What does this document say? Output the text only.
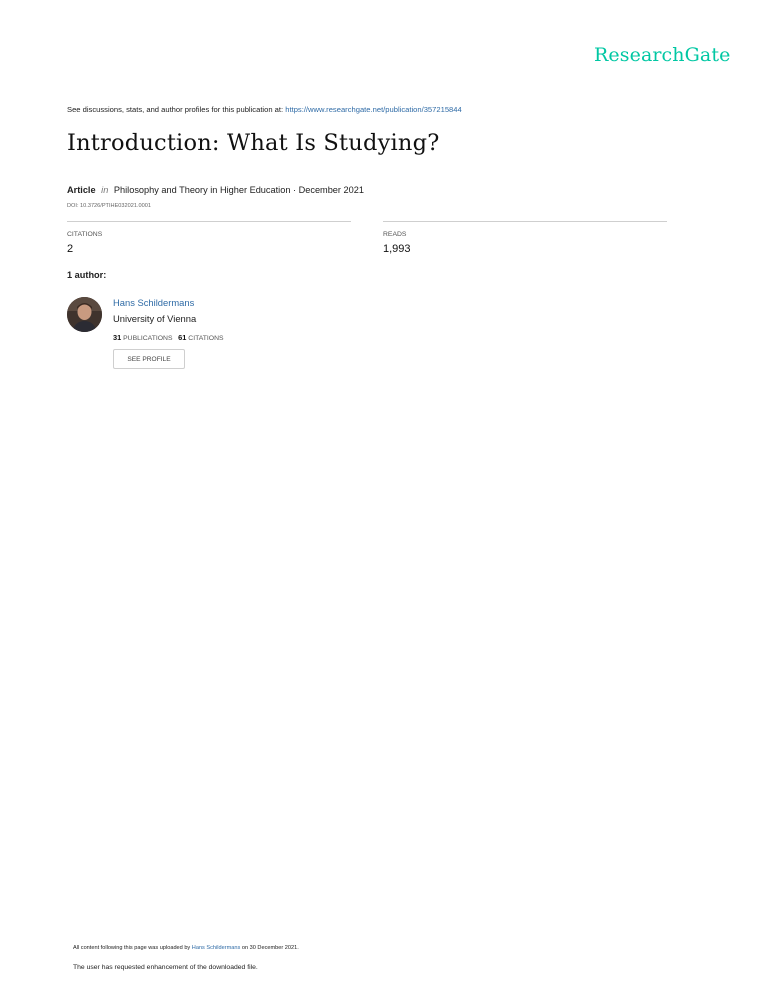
ResearchGate
See discussions, stats, and author profiles for this publication at: https://www.researchgate.net/publication/357215844
Introduction: What Is Studying?
Article in Philosophy and Theory in Higher Education · December 2021
DOI: 10.3726/PTIHE032021.0001
CITATIONS
2
READS
1,993
1 author:
Hans Schildermans
University of Vienna
31 PUBLICATIONS 61 CITATIONS
SEE PROFILE
All content following this page was uploaded by Hans Schildermans on 30 December 2021.
The user has requested enhancement of the downloaded file.
